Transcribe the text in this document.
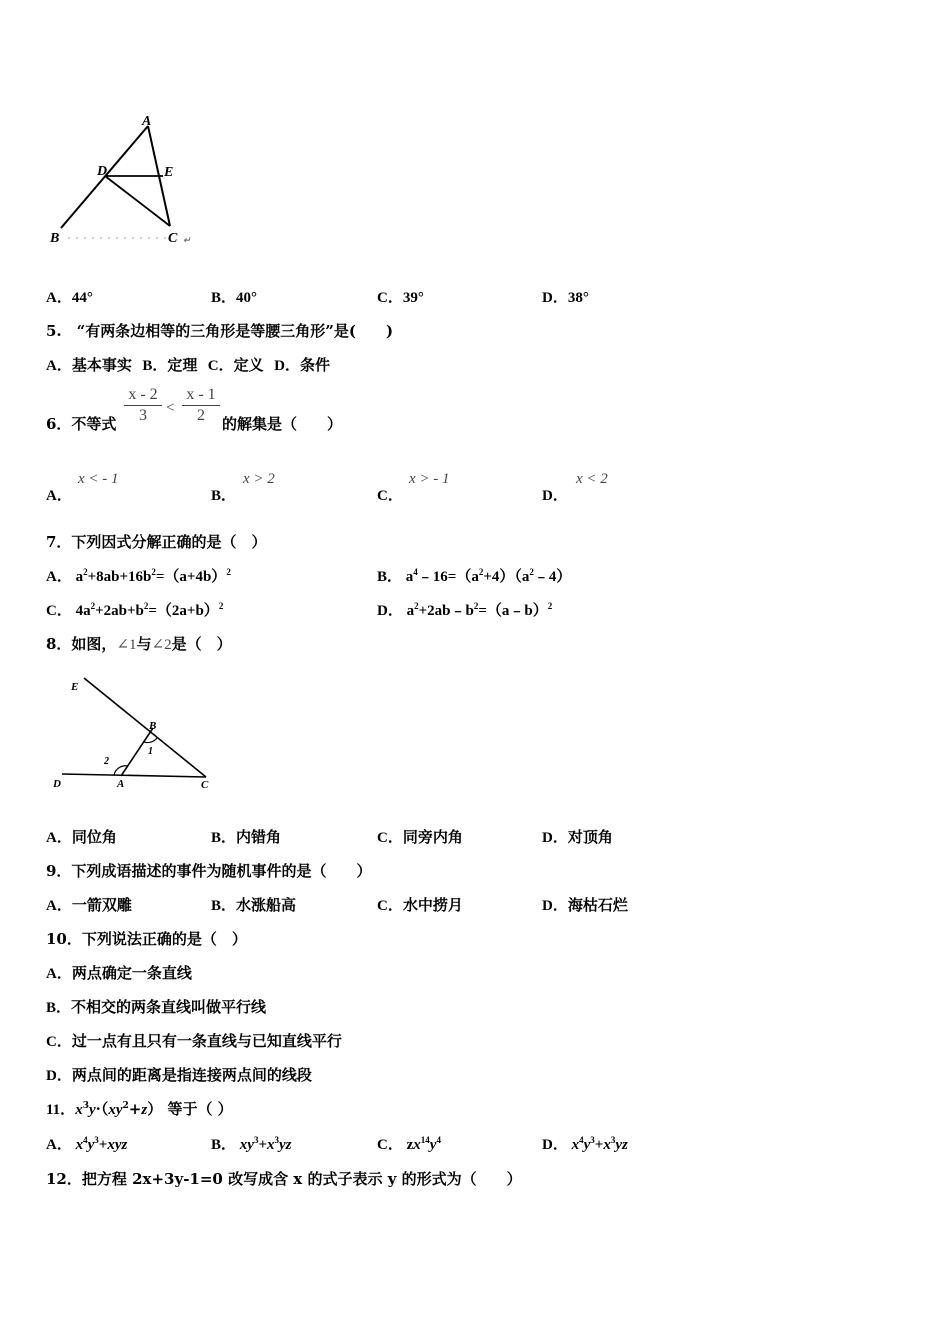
A
D	E
B	C ↵
A．44°	B．40°	C．39°	D．38°
5.　“有两条边相等的三角形是等腰三角形”是(　　)
A．基本事实 B．定理 C．定义 D．条件
6．不等式
x - 2
3	<
x - 1
2	的解集是（　　）
A．
x < - 1
B．
x > 2
C．
x > - 1
D．
x < 2
7．下列因式分解正确的是（　）
A． $a^2+8ab+16b^2=(a+4b)^2$	B． $a^4﹣16=(a^2+4)(a^2﹣4)$
C． $4a^2+2ab+b^2=(2a+b)^2$	D． $a^2+2ab﹣b^2=(a﹣b)^2$
8．如图，∠1与∠2是（　）
E
B
1
2
D	A	C
A．同位角	B．内错角	C．同旁内角	D．对顶角
9．下列成语描述的事件为随机事件的是（　　）
A．一箭双雕	B．水涨船高	C．水中捞月	D．海枯石烂
10．下列说法正确的是（　）
A．两点确定一条直线
B．不相交的两条直线叫做平行线
C．过一点有且只有一条直线与已知直线平行
D．两点间的距离是指连接两点间的线段
11．$x^3y\cdot(xy^2+z)$ 等于（ ）
A． $x^4y^3+xyz$	B． $xy^3+x^3yz$	C． $zx^{14}y^4$	D． $x^4y^3+x^3yz$
12．把方程 2x+3y-1=0 改写成含 x 的式子表示 y 的形式为（　　）
